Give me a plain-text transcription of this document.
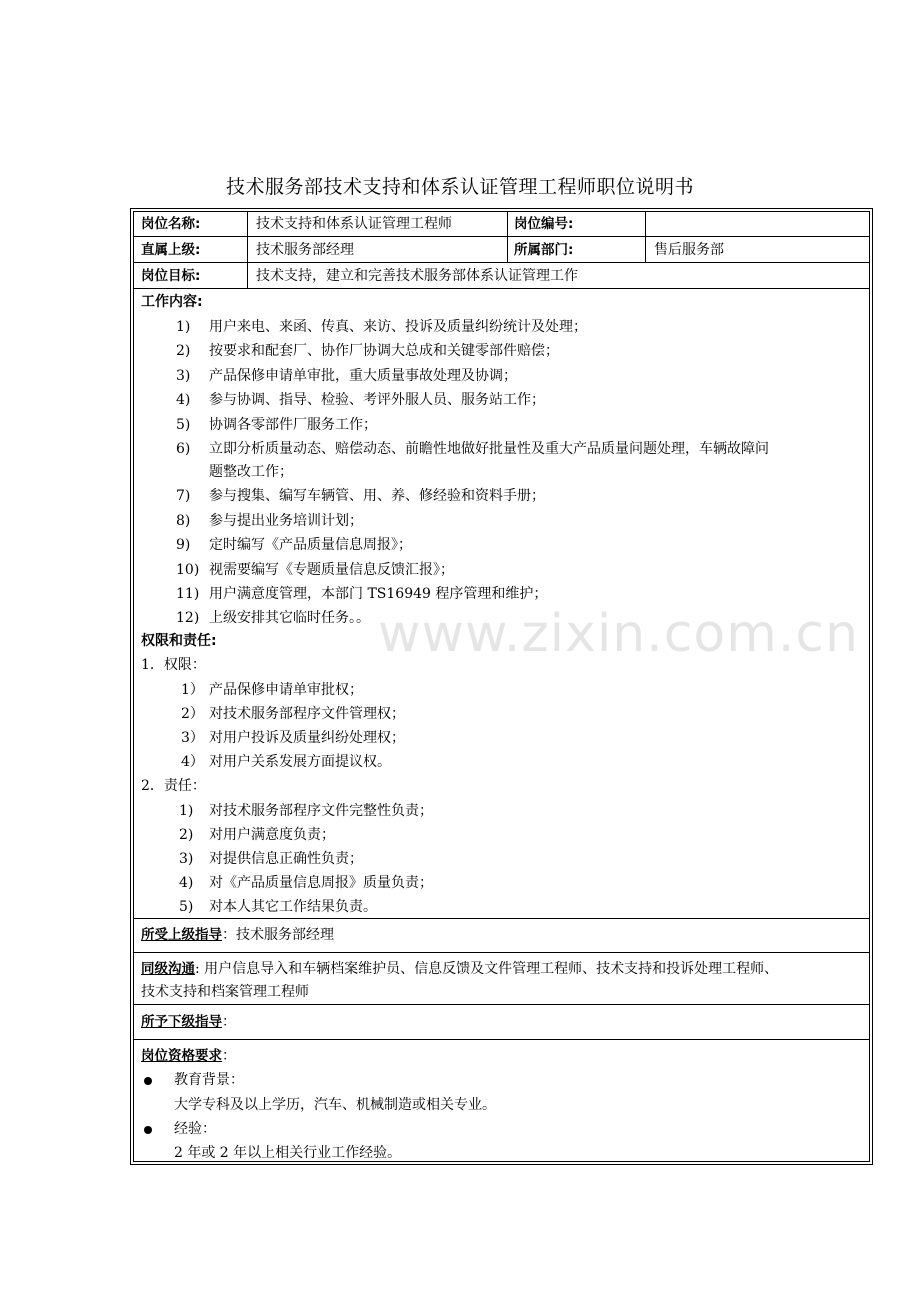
技术服务部技术支持和体系认证管理工程师职位说明书
岗位名称:	技术支持和体系认证管理工程师	岗位编号:
直属上级:	技术服务部经理	所属部门:	售后服务部
岗位目标:	技术支持，建立和完善技术服务部体系认证管理工作
工作内容:
1) 用户来电、来函、传真、来访、投诉及质量纠纷统计及处理；
2) 按要求和配套厂、协作厂协调大总成和关键零部件赔偿；
3) 产品保修申请单审批，重大质量事故处理及协调；
4) 参与协调、指导、检验、考评外服人员、服务站工作；
5) 协调各零部件厂服务工作；
6) 立即分析质量动态、赔偿动态、前瞻性地做好批量性及重大产品质量问题处理，车辆故障问
题整改工作；
7) 参与搜集、编写车辆管、用、养、修经验和资料手册；
8) 参与提出业务培训计划；
9) 定时编写《产品质量信息周报》；
10) 视需要编写《专题质量信息反馈汇报》；
11) 用户满意度管理，本部门 TS16949 程序管理和维护；
12) 上级安排其它临时任务。。
权限和责任:
1．权限：
1） 产品保修申请单审批权；
2） 对技术服务部程序文件管理权；
3） 对用户投诉及质量纠纷处理权；
4） 对用户关系发展方面提议权。
2．责任：
1) 对技术服务部程序文件完整性负责；
2) 对用户满意度负责；
3) 对提供信息正确性负责；
4) 对《产品质量信息周报》质量负责；
5) 对本人其它工作结果负责。
所受上级指导：技术服务部经理
同级沟通: 用户信息导入和车辆档案维护员、信息反馈及文件管理工程师、技术支持和投诉处理工程师、
技术支持和档案管理工程师
所予下级指导：
岗位资格要求：
教育背景：
大学专科及以上学历，汽车、机械制造或相关专业。
经验：
2 年或 2 年以上相关行业工作经验。
www.zixin.com.cn
